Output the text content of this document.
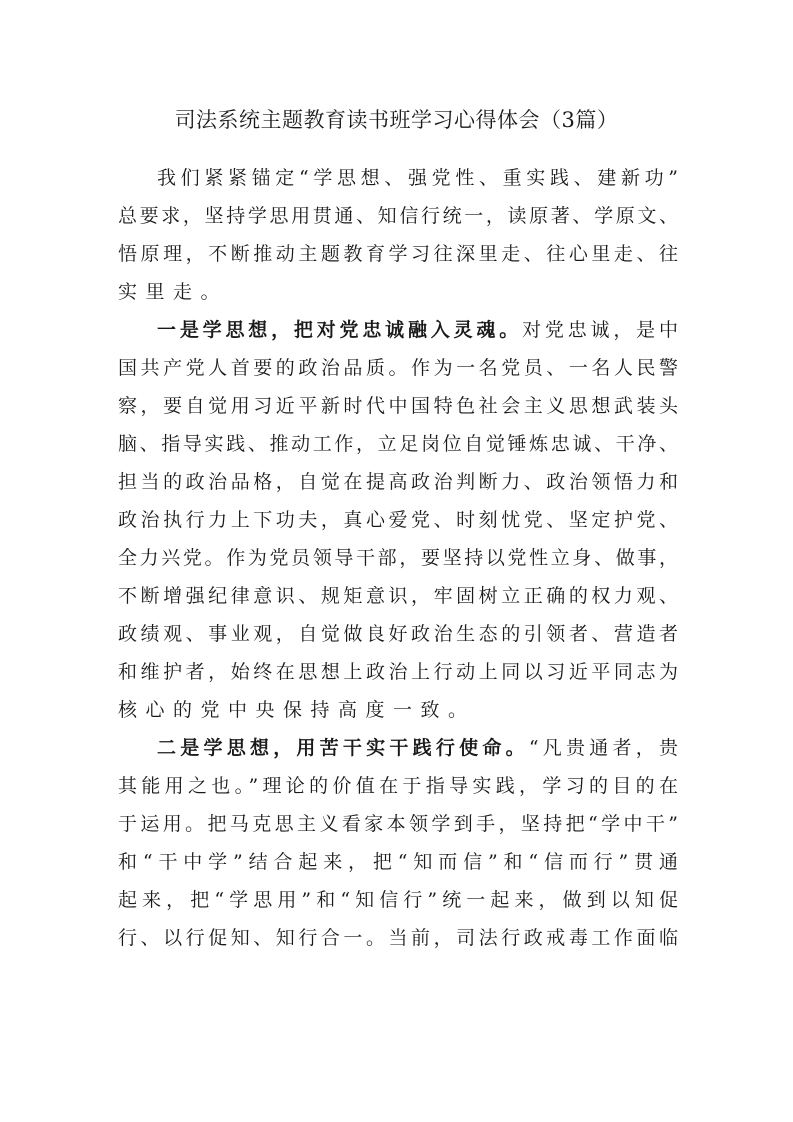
司法系统主题教育读书班学习心得体会（3篇）
我们紧紧锚定“学思想、强党性、重实践、建新功”
总要求，坚持学思用贯通、知信行统一，读原著、学原文、
悟原理，不断推动主题教育学习往深里走、往心里走、往
实里走。
一是学思想，把对党忠诚融入灵魂。对党忠诚，是中
国共产党人首要的政治品质。作为一名党员、一名人民警
察，要自觉用习近平新时代中国特色社会主义思想武装头
脑、指导实践、推动工作，立足岗位自觉锤炼忠诚、干净、
担当的政治品格，自觉在提高政治判断力、政治领悟力和
政治执行力上下功夫，真心爱党、时刻忧党、坚定护党、
全力兴党。作为党员领导干部，要坚持以党性立身、做事，
不断增强纪律意识、规矩意识，牢固树立正确的权力观、
政绩观、事业观，自觉做良好政治生态的引领者、营造者
和维护者，始终在思想上政治上行动上同以习近平同志为
核心的党中央保持高度一致。
二是学思想，用苦干实干践行使命。“凡贵通者，贵
其能用之也。”理论的价值在于指导实践，学习的目的在
于运用。把马克思主义看家本领学到手，坚持把“学中干”
和“干中学”结合起来，把“知而信”和“信而行”贯通
起来，把“学思用”和“知信行”统一起来，做到以知促
行、以行促知、知行合一。当前，司法行政戒毒工作面临
